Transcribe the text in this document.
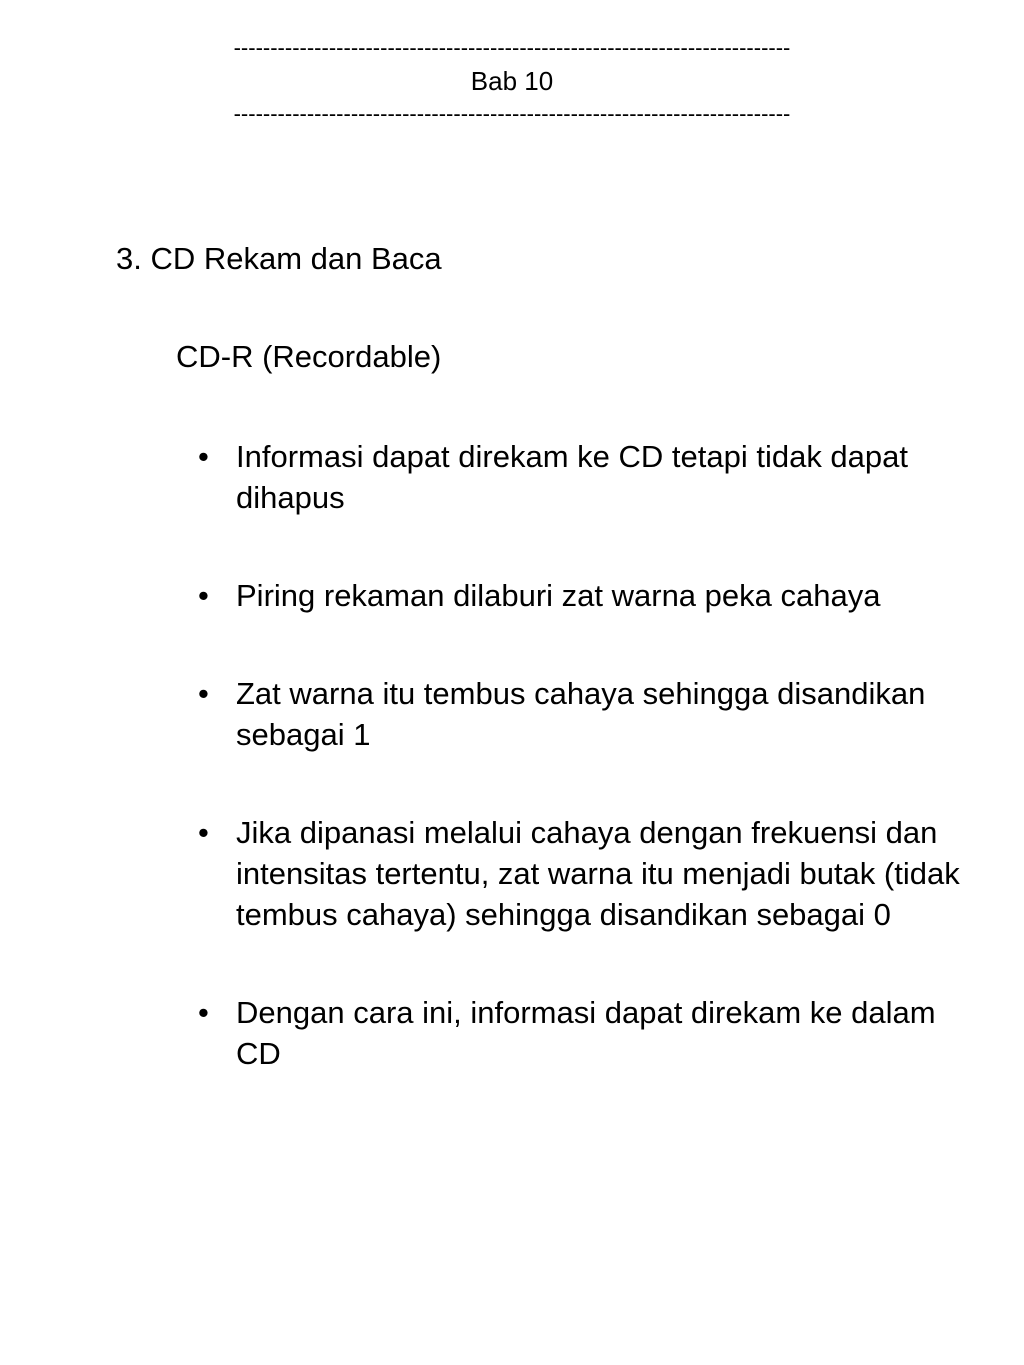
----------------------------------------------------------------------------
Bab 10
----------------------------------------------------------------------------
3. CD Rekam dan Baca
CD-R (Recordable)
• Informasi dapat direkam ke CD tetapi tidak dapat dihapus
• Piring rekaman dilaburi zat warna peka cahaya
• Zat warna itu tembus cahaya sehingga disandikan sebagai 1
• Jika dipanasi melalui cahaya dengan frekuensi dan intensitas tertentu, zat warna itu menjadi butak (tidak tembus cahaya) sehingga disandikan sebagai 0
• Dengan cara ini, informasi dapat direkam ke dalam CD
